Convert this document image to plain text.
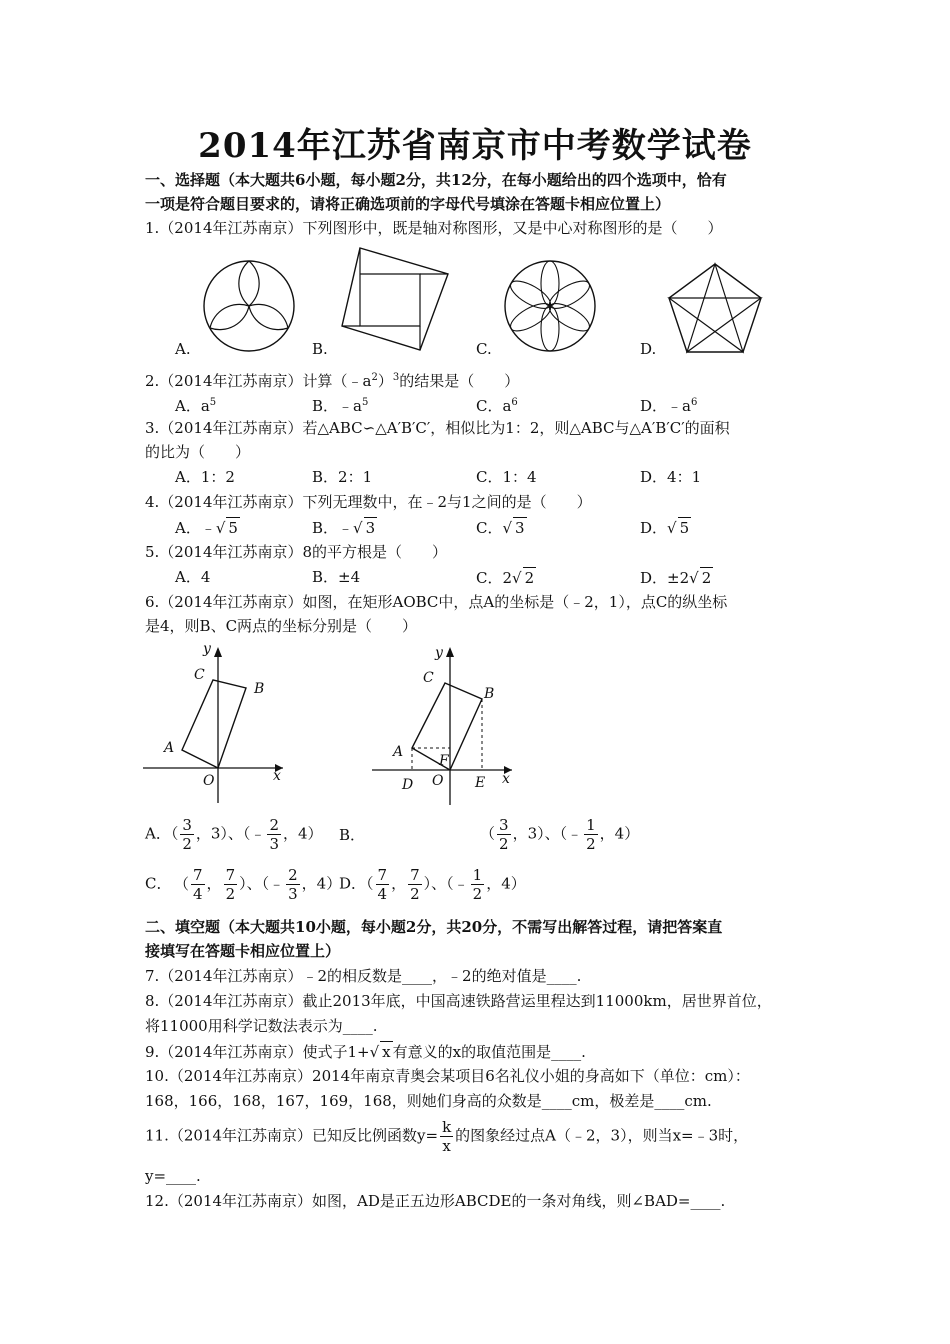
2014年江苏省南京市中考数学试卷
一、选择题（本大题共6小题，每小题2分，共12分，在每小题给出的四个选项中，恰有
一项是符合题目要求的，请将正确选项前的字母代号填涂在答题卡相应位置上）
1.（2014年江苏南京）下列图形中，既是轴对称图形，又是中心对称图形的是（　　）
A.	B.	C.	D.
2.（2014年江苏南京）计算$(﹣a^2)^3$的结果是（　　）
A．$a^5$	B．$﹣a^5$	C．$a^6$	D．$﹣a^6$
3.（2014年江苏南京）若△ABC∽△A′B′C′，相似比为1：2，则△ABC与△A′B′C′的面积
的比为（　　）
A．1：2	B．2：1	C．1：4	D．4：1
4.（2014年江苏南京）下列无理数中，在﹣2与1之间的是（　　）
A．﹣√ 5	B．﹣√ 3	C．√ 3	D．√ 5
5.（2014年江苏南京）8的平方根是（　　）
A．4	B．±4	C．2√ 2	D．±2√ 2
6.（2014年江苏南京）如图，在矩形AOBC中，点A的坐标是（﹣2，1），点C的纵坐标
是4，则B、C两点的坐标分别是（　　）
y
x
O
A
B
C
y
x
O
A
B
C
D	E
F
A．（ $\frac{3}{2}$ ，3）、（﹣ $\frac{2}{3}$ ，4） B．	（ $\frac{3}{2}$ ，3）、（﹣ $\frac{1}{2}$ ，4）
C． （ $\frac{7}{4}$ ， $\frac{7}{2}$ ）、（﹣ $\frac{2}{3}$ ，4）
D．（ $\frac{7}{4}$ ， $\frac{7}{2}$ ）、（﹣ $\frac{1}{2}$ ，4）
二、填空题（本大题共10小题，每小题2分，共20分，不需写出解答过程，请把答案直
接填写在答题卡相应位置上）
7.（2014年江苏南京）﹣2的相反数是____，﹣2的绝对值是____.
8.（2014年江苏南京）截止2013年底，中国高速铁路营运里程达到11000km，居世界首位，
将11000用科学记数法表示为____.
9.（2014年江苏南京）使式子1+√ x 有意义的x的取值范围是____.
10.（2014年江苏南京）2014年南京青奥会某项目6名礼仪小姐的身高如下（单位：cm）：
168，166，168，167，169，168，则她们身高的众数是____cm，极差是____cm.
11.（2014年江苏南京）已知反比例函数$y= \frac{k}{x}$ 的图象经过点A（﹣2，3），则当x=﹣3时，
y=____.
12.（2014年江苏南京）如图，AD是正五边形ABCDE的一条对角线，则∠BAD=____.
